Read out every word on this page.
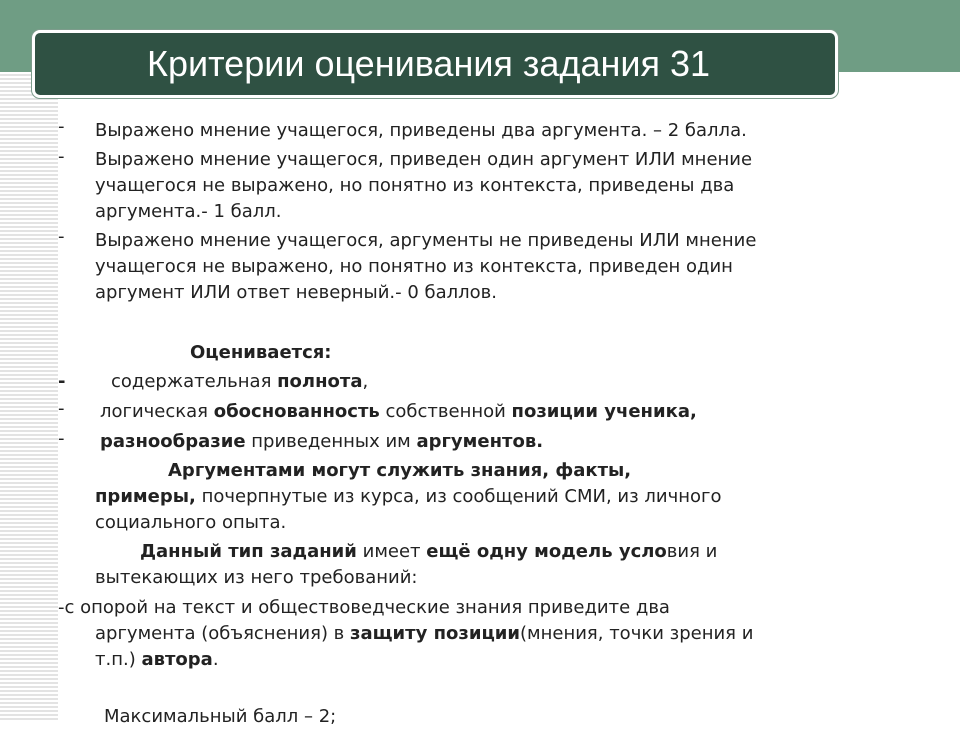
Критерии оценивания задания 31
- Выражено мнение учащегося, приведены два аргумента. – 2 балла.
- Выражено мнение учащегося, приведен один аргумент ИЛИ мнение
учащегося не выражено, но понятно из контекста, приведены два
аргумента.- 1 балл.
- Выражено мнение учащегося, аргументы не приведены ИЛИ мнение
учащегося не выражено, но понятно из контекста, приведен один
аргумент ИЛИ ответ неверный.- 0 баллов.
Оценивается:
-	содержательная полнота,
- логическая обоснованность собственной позиции ученика,
- разнообразие приведенных им аргументов.
Аргументами могут служить знания, факты,
примеры, почерпнутые из курса, из сообщений СМИ, из личного
социального опыта.
Данный тип заданий имеет ещё одну модель условия и
вытекающих из него требований:
-с опорой на текст и обществоведческие знания приведите два
аргумента (объяснения) в защиту позиции(мнения, точки зрения и
т.п.) автора.
Максимальный балл – 2;
